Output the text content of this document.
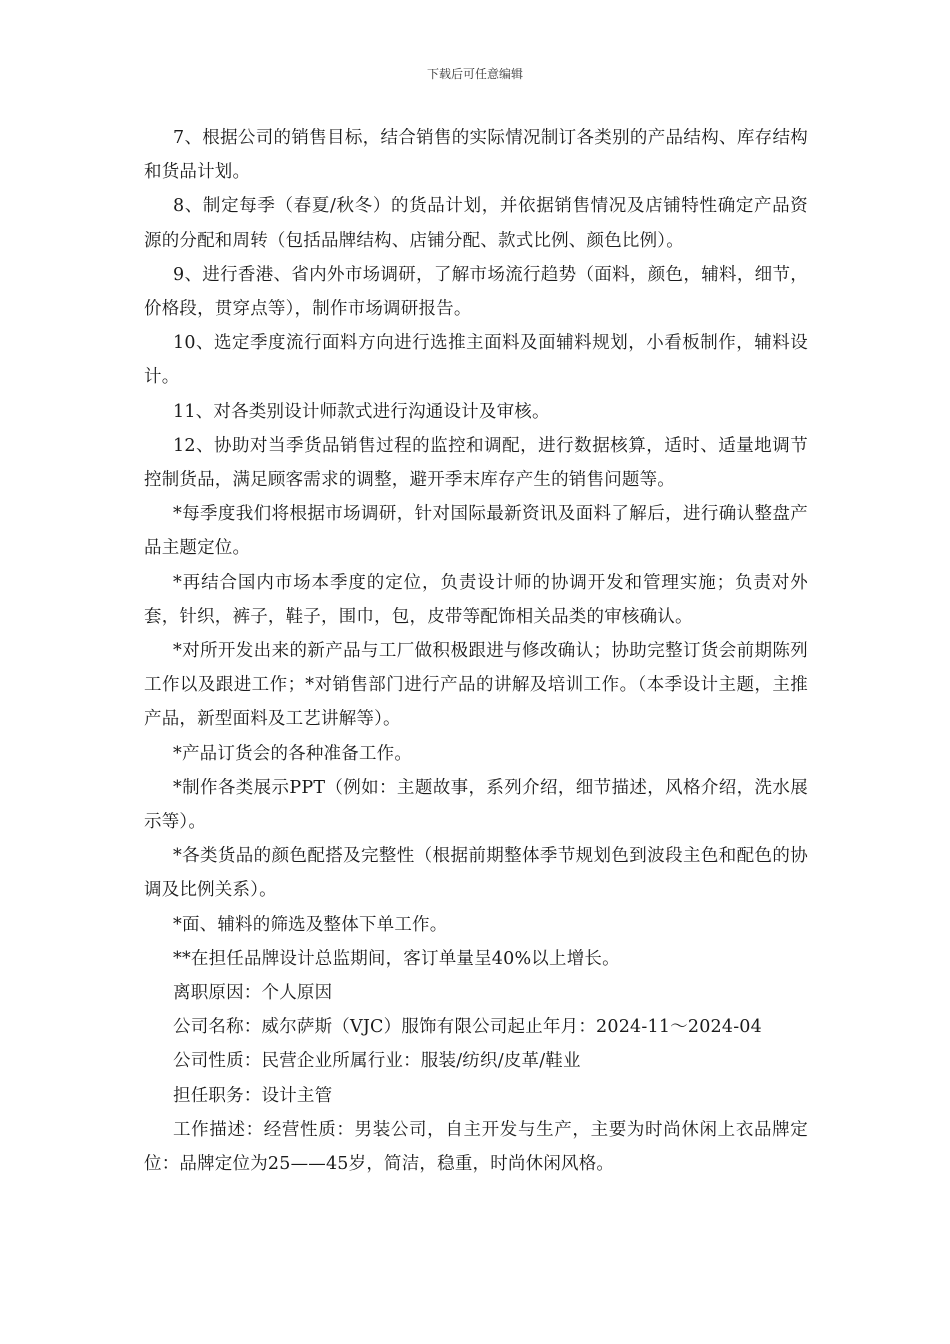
下载后可任意编辑

7、根据公司的销售目标，结合销售的实际情况制订各类别的产品结构、库存结构和货品计划。

8、制定每季（春夏/秋冬）的货品计划，并依据销售情况及店铺特性确定产品资源的分配和周转（包括品牌结构、店铺分配、款式比例、颜色比例）。

9、进行香港、省内外市场调研，了解市场流行趋势（面料，颜色，辅料，细节，价格段，贯穿点等），制作市场调研报告。

10、选定季度流行面料方向进行选推主面料及面辅料规划，小看板制作，辅料设计。

11、对各类别设计师款式进行沟通设计及审核。

12、协助对当季货品销售过程的监控和调配，进行数据核算，适时、适量地调节控制货品，满足顾客需求的调整，避开季末库存产生的销售问题等。

*每季度我们将根据市场调研，针对国际最新资讯及面料了解后，进行确认整盘产品主题定位。

*再结合国内市场本季度的定位，负责设计师的协调开发和管理实施；负责对外套，针织，裤子，鞋子，围巾，包，皮带等配饰相关品类的审核确认。

*对所开发出来的新产品与工厂做积极跟进与修改确认；协助完整订货会前期陈列工作以及跟进工作；*对销售部门进行产品的讲解及培训工作。（本季设计主题，主推产品，新型面料及工艺讲解等）。

*产品订货会的各种准备工作。

*制作各类展示PPT（例如：主题故事，系列介绍，细节描述，风格介绍，洗水展示等）。

*各类货品的颜色配搭及完整性（根据前期整体季节规划色到波段主色和配色的协调及比例关系）。

*面、辅料的筛选及整体下单工作。

**在担任品牌设计总监期间，客订单量呈40%以上增长。

离职原因：个人原因

公司名称：威尔萨斯（VJC）服饰有限公司起止年月：2024-11～2024-04

公司性质：民营企业所属行业：服装/纺织/皮革/鞋业

担任职务：设计主管

工作描述：经营性质：男装公司，自主开发与生产，主要为时尚休闲上衣品牌定位：品牌定位为25——45岁，简洁，稳重，时尚休闲风格。
